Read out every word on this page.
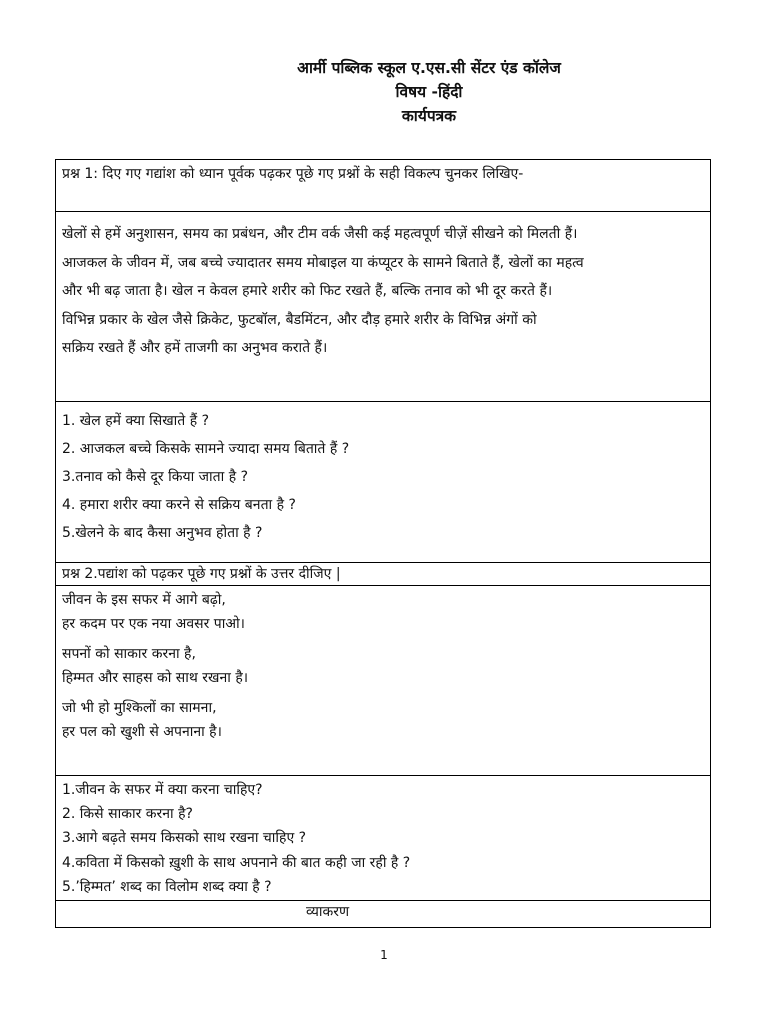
आर्मी पब्लिक स्कूल ए.एस.सी सेंटर एंड कॉलेज
विषय -हिंदी
कार्यपत्रक
प्रश्न 1: दिए गए गद्यांश को ध्यान पूर्वक पढ़कर पूछे गए प्रश्नों के सही विकल्प चुनकर लिखिए-

खेलों से हमें अनुशासन, समय का प्रबंधन, और टीम वर्क जैसी कई महत्वपूर्ण चीज़ें सीखने को मिलती हैं।
आजकल के जीवन में, जब बच्चे ज्यादातर समय मोबाइल या कंप्यूटर के सामने बिताते हैं, खेलों का महत्व
और भी बढ़ जाता है। खेल न केवल हमारे शरीर को फिट रखते हैं, बल्कि तनाव को भी दूर करते हैं।
विभिन्न प्रकार के खेल जैसे क्रिकेट, फुटबॉल, बैडमिंटन, और दौड़ हमारे शरीर के विभिन्न अंगों को
सक्रिय रखते हैं और हमें ताजगी का अनुभव कराते हैं।

1. खेल हमें क्या सिखाते हैं ?
2. आजकल बच्चे किसके सामने ज्यादा समय बिताते हैं ?
3.तनाव को कैसे दूर किया जाता है ?
4. हमारा शरीर क्या करने से सक्रिय बनता है ?
5.खेलने के बाद कैसा अनुभव होता है ?

प्रश्न 2.पद्यांश को पढ़कर पूछे गए प्रश्नों के उत्तर दीजिए |

जीवन के इस सफर में आगे बढ़ो,
हर कदम पर एक नया अवसर पाओ।
सपनों को साकार करना है,
हिम्मत और साहस को साथ रखना है।
जो भी हो मुश्किलों का सामना,
हर पल को खुशी से अपनाना है।

1.जीवन के सफर में क्या करना चाहिए?
2. किसे साकार करना है?
3.आगे बढ़ते समय किसको साथ रखना चाहिए ?
4.कविता में किसको ख़ुशी के साथ अपनाने की बात कही जा रही है ?
5.’हिम्मत’ शब्द का विलोम शब्द क्या है ?

व्याकरण
1
